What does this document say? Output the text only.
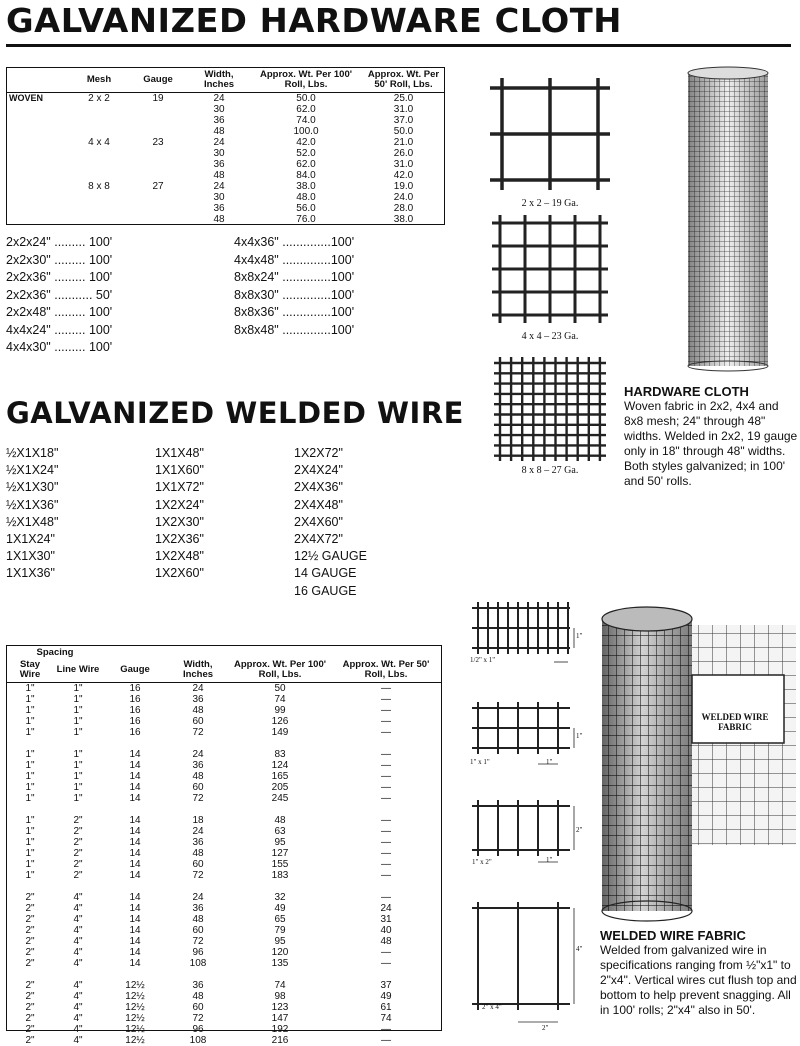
GALVANIZED HARDWARE CLOTH
	Mesh	Gauge	Width, Inches	Approx. Wt. Per 100' Roll, Lbs.	Approx. Wt. Per 50' Roll, Lbs.
WOVEN	2 x 2	19	24	50.0	25.0
			30	62.0	31.0
			36	74.0	37.0
			48	100.0	50.0
	4 x 4	23	24	42.0	21.0
			30	52.0	26.0
			36	62.0	31.0
			48	84.0	42.0
	8 x 8	27	24	38.0	19.0
			30	48.0	24.0
			36	56.0	28.0
			48	76.0	38.0
2x2x24" ......... 100'
2x2x30" ......... 100'
2x2x36" ......... 100'
2x2x36" ........... 50'
2x2x48" ......... 100'
4x4x24" ......... 100'
4x4x30" ......... 100'
4x4x36" ..............100'
4x4x48" ..............100'
8x8x24" ..............100'
8x8x30" ..............100'
8x8x36" ..............100'
8x8x48" ..............100'
2 x 2 – 19 Ga.
4 x 4 – 23 Ga.
8 x 8 – 27 Ga.
HARDWARE CLOTH

Woven fabric in 2x2, 4x4 and 8x8 mesh; 24" through 48" widths. Welded in 2x2, 19 gauge only in 18" through 48" widths. Both styles galvanized; in 100' and 50' rolls.

GALVANIZED WELDED WIRE
½X1X18"
½X1X24"
½X1X30"
½X1X36"
½X1X48"
1X1X24"
1X1X30"
1X1X36"
1X1X48"
1X1X60"
1X1X72"
1X2X24"
1X2X30"
1X2X36"
1X2X48"
1X2X60"
1X2X72"
2X4X24"
2X4X36"
2X4X48"
2X4X60"
2X4X72"
12½ GAUGE
14 GAUGE
16 GAUGE
Spacing					
Stay Wire	Line Wire	Gauge	Width, Inches	Approx. Wt. Per 100' Roll, Lbs.	Approx. Wt. Per 50' Roll, Lbs.
1"	1"	16	24	50	—
1"	1"	16	36	74	—
1"	1"	16	48	99	—
1"	1"	16	60	126	—
1"	1"	16	72	149	—

1"	1"	14	24	83	—
1"	1"	14	36	124	—
1"	1"	14	48	165	—
1"	1"	14	60	205	—
1"	1"	14	72	245	—

1"	2"	14	18	48	—
1"	2"	14	24	63	—
1"	2"	14	36	95	—
1"	2"	14	48	127	—
1"	2"	14	60	155	—
1"	2"	14	72	183	—

2"	4"	14	24	32	—
2"	4"	14	36	49	24
2"	4"	14	48	65	31
2"	4"	14	60	79	40
2"	4"	14	72	95	48
2"	4"	14	96	120	—
2"	4"	14	108	135	—

2"	4"	12½	36	74	37
2"	4"	12½	48	98	49
2"	4"	12½	60	123	61
2"	4"	12½	72	147	74
2"	4"	12½	96	192	—
2"	4"	12½	108	216	—
1/2" x 1"
1"
1" x 1"
1"
1"
1" x 2"	1"
2"
2" x 4"
2"
4"
WELDED WIRE FABRIC
WELDED WIRE FABRIC

Welded from galvanized wire in specifications ranging from ½"x1" to 2"x4". Vertical wires cut flush top and bottom to help prevent snagging. All in 100' rolls; 2"x4" also in 50'.
